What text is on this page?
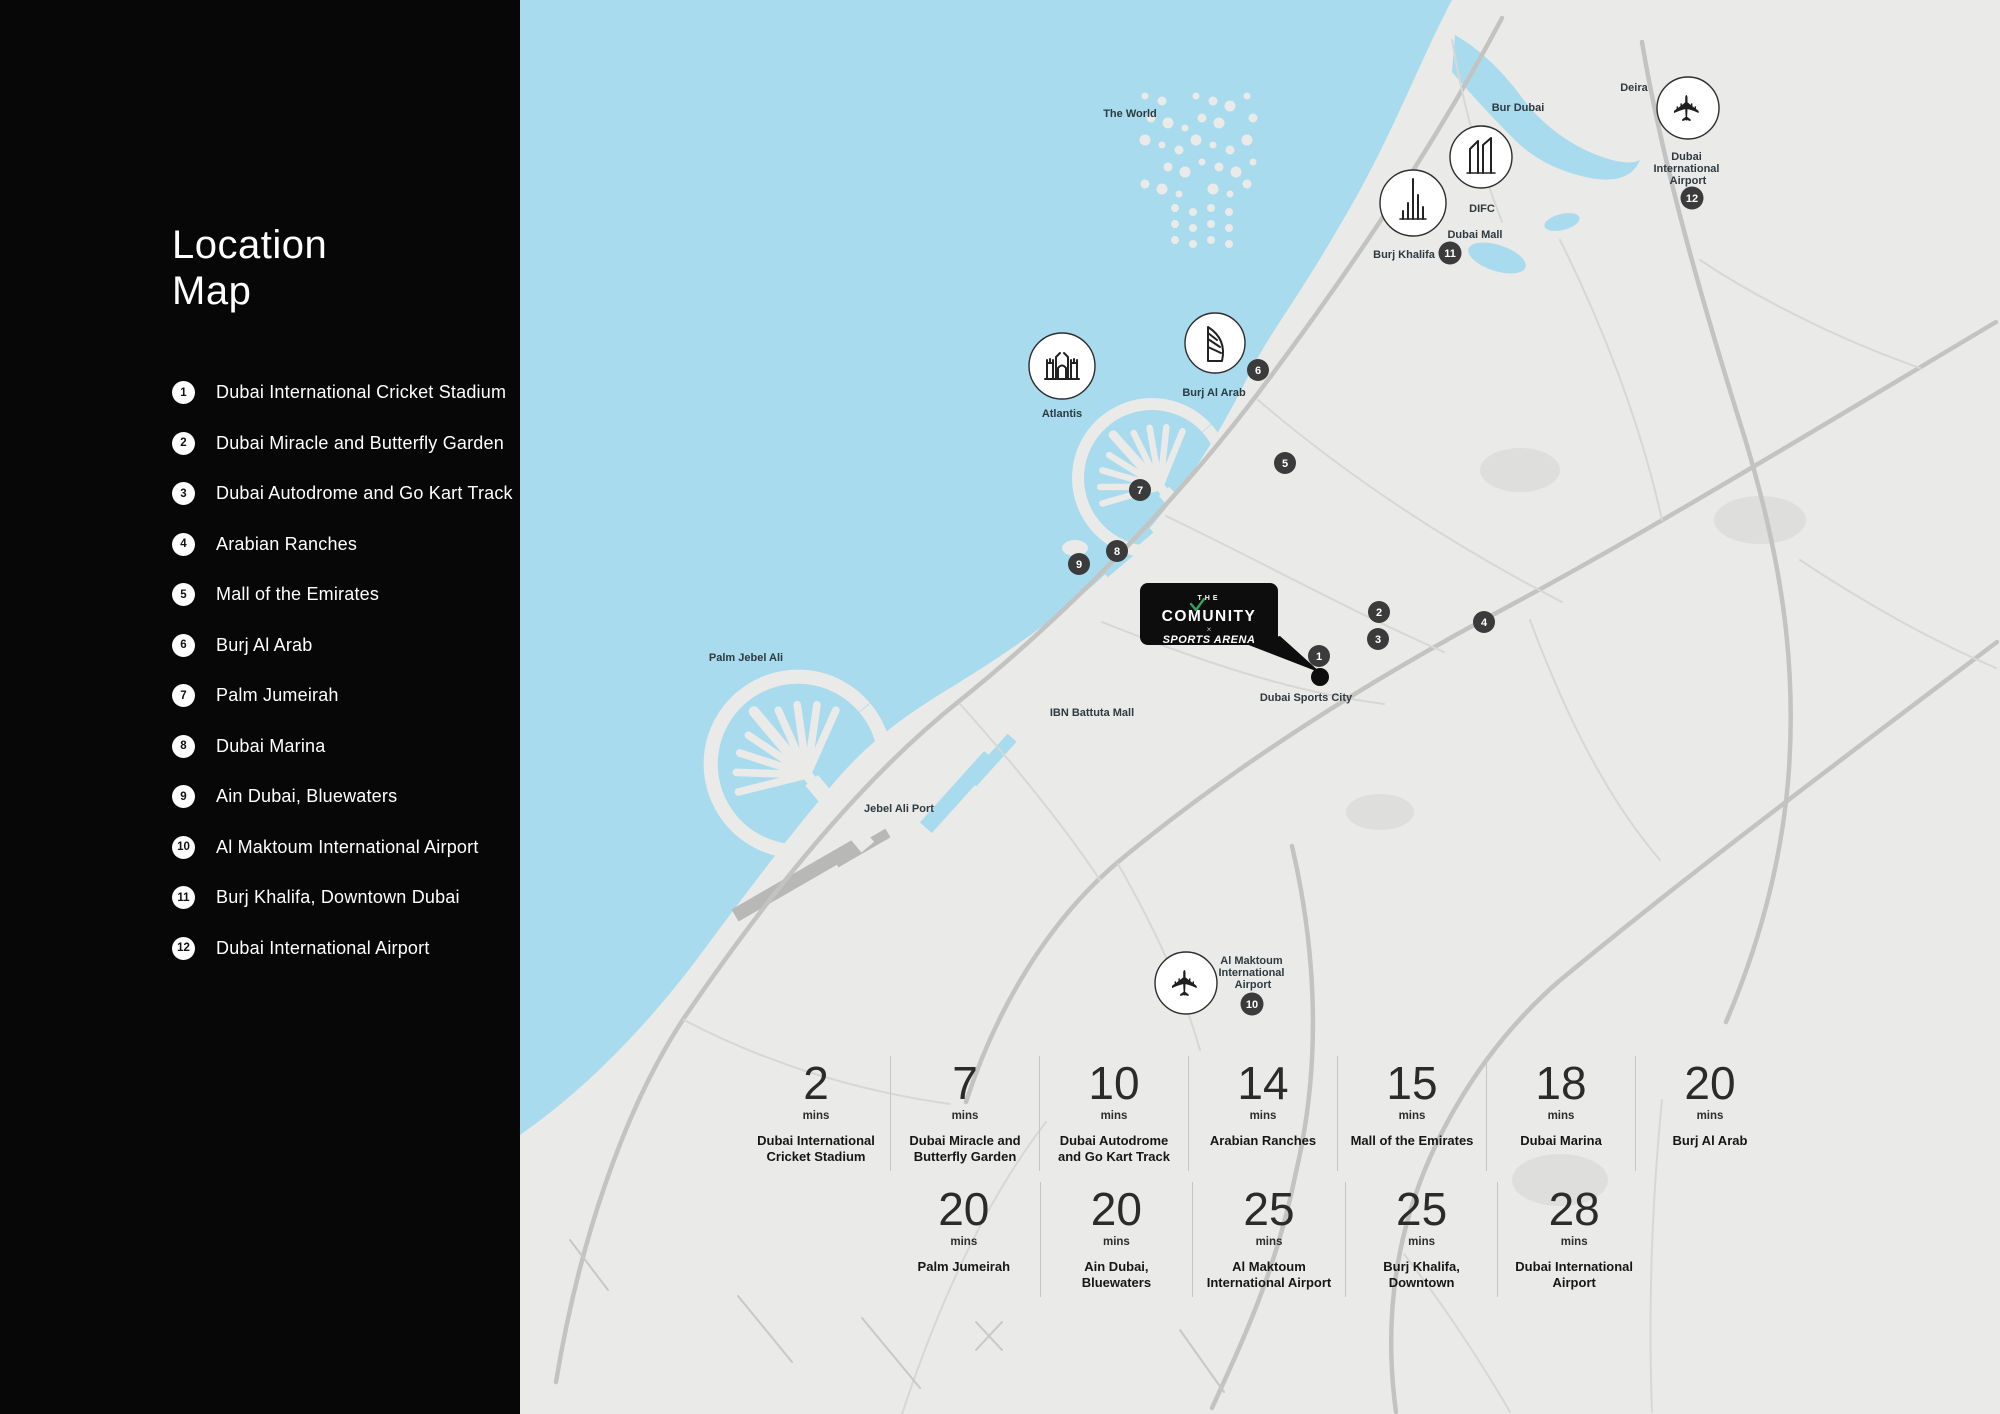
Location
Map
1	Dubai International Cricket Stadium
2	Dubai Miracle and Butterfly Garden
3	Dubai Autodrome and Go Kart Track
4	Arabian Ranches
5	Mall of the Emirates
6	Burj Al Arab
7	Palm Jumeirah
8	Dubai Marina
9	Ain Dubai, Bluewaters
10 Al Maktoum International Airport
11	Burj Khalifa, Downtown Dubai
12 Dubai International Airport
✈
✈
The World
Deira
Bur Dubai
DIFC
Dubai Mall
Burj Khalifa
Atlantis
Burj Al Arab
Palm Jebel Ali
IBN Battuta Mall
Jebel Ali Port
Dubai Sports City
Dubai International Airport
Al Maktoum International Airport
1
2
3
4
5
6
7
8
9
10
11
12
THE
COMUNITY
×
SPORTS ARENA
2
mins
Dubai International Cricket Stadium
7
mins
Dubai Miracle and Butterfly Garden
10
mins
Dubai Autodrome and Go Kart Track
14
mins
Arabian Ranches
15
mins
Mall of the Emirates
18
mins
Dubai Marina
20
mins
Burj Al Arab
20
mins
Palm Jumeirah
20
mins
Ain Dubai, Bluewaters
25
mins
Al Maktoum International Airport
25
mins
Burj Khalifa, Downtown
28
mins
Dubai International Airport
